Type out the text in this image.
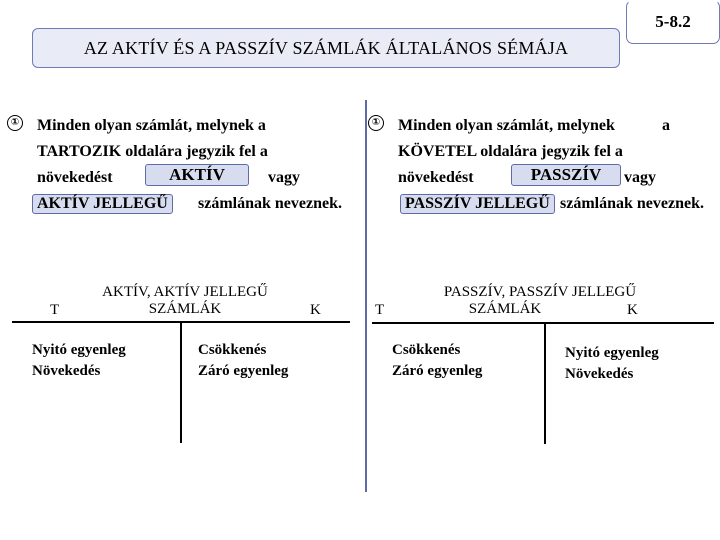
AZ AKTÍV ÉS A PASSZÍV SZÁMLÁK ÁLTALÁNOS SÉMÁJA
5-8.2
① Minden olyan számlát, melynek a
TARTOZIK oldalára jegyzik fel a
növekedést	AKTÍV	vagy
AKTÍV JELLEGŰ	számlának neveznek.
AKTÍV, AKTÍV JELLEGŰ
SZÁMLÁK
T	K
Nyitó egyenleg
Növekedés
Csökkenés
Záró egyenleg
① Minden olyan számlát, melynek	a
KÖVETEL oldalára jegyzik fel a
növekedést	PASSZÍV	vagy
PASSZÍV JELLEGŰ számlának neveznek.
PASSZÍV, PASSZÍV JELLEGŰ
SZÁMLÁK
T	K
Csökkenés
Záró egyenleg
Nyitó egyenleg
Növekedés
